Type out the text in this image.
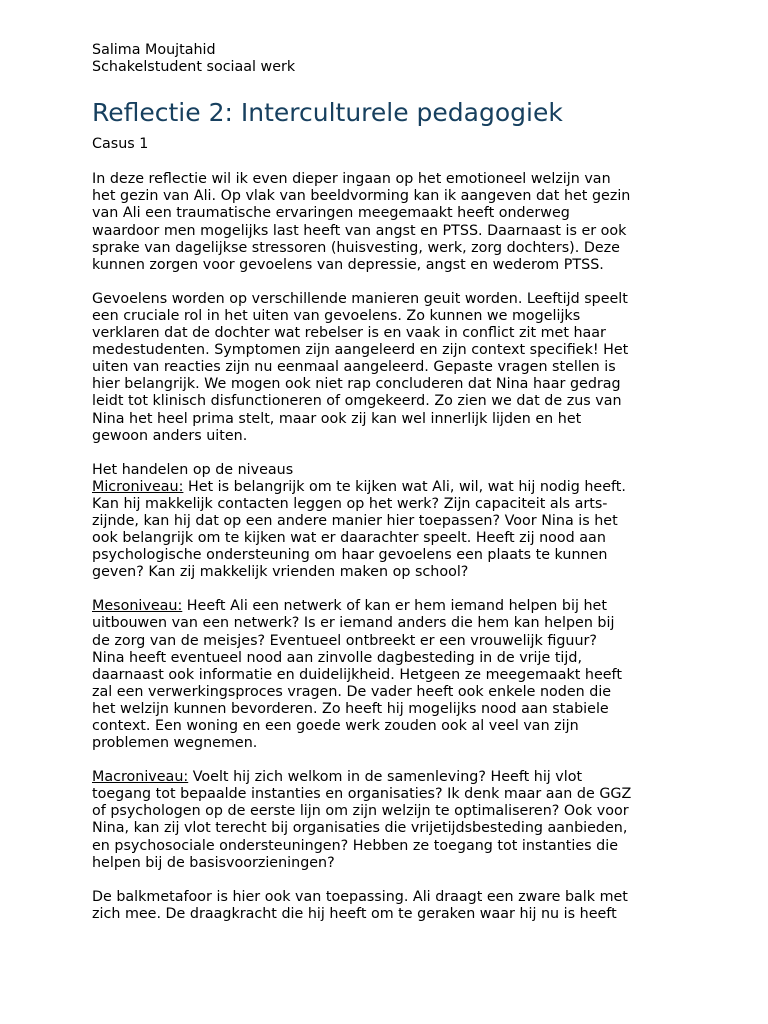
Salima Moujtahid
Schakelstudent sociaal werk
Reflectie 2: Interculturele pedagogiek
Casus 1
In deze reflectie wil ik even dieper ingaan op het emotioneel welzijn van
het gezin van Ali. Op vlak van beeldvorming kan ik aangeven dat het gezin
van Ali een traumatische ervaringen meegemaakt heeft onderweg
waardoor men mogelijks last heeft van angst en PTSS. Daarnaast is er ook
sprake van dagelijkse stressoren (huisvesting, werk, zorg dochters). Deze
kunnen zorgen voor gevoelens van depressie, angst en wederom PTSS.
Gevoelens worden op verschillende manieren geuit worden. Leeftijd speelt
een cruciale rol in het uiten van gevoelens. Zo kunnen we mogelijks
verklaren dat de dochter wat rebelser is en vaak in conflict zit met haar
medestudenten. Symptomen zijn aangeleerd en zijn context specifiek! Het
uiten van reacties zijn nu eenmaal aangeleerd. Gepaste vragen stellen is
hier belangrijk. We mogen ook niet rap concluderen dat Nina haar gedrag
leidt tot klinisch disfunctioneren of omgekeerd. Zo zien we dat de zus van
Nina het heel prima stelt, maar ook zij kan wel innerlijk lijden en het
gewoon anders uiten.
Het handelen op de niveaus
Microniveau: Het is belangrijk om te kijken wat Ali, wil, wat hij nodig heeft.
Kan hij makkelijk contacten leggen op het werk? Zijn capaciteit als arts-
zijnde, kan hij dat op een andere manier hier toepassen? Voor Nina is het
ook belangrijk om te kijken wat er daarachter speelt. Heeft zij nood aan
psychologische ondersteuning om haar gevoelens een plaats te kunnen
geven? Kan zij makkelijk vrienden maken op school?
Mesoniveau: Heeft Ali een netwerk of kan er hem iemand helpen bij het
uitbouwen van een netwerk? Is er iemand anders die hem kan helpen bij
de zorg van de meisjes? Eventueel ontbreekt er een vrouwelijk figuur?
Nina heeft eventueel nood aan zinvolle dagbesteding in de vrije tijd,
daarnaast ook informatie en duidelijkheid. Hetgeen ze meegemaakt heeft
zal een verwerkingsproces vragen. De vader heeft ook enkele noden die
het welzijn kunnen bevorderen. Zo heeft hij mogelijks nood aan stabiele
context. Een woning en een goede werk zouden ook al veel van zijn
problemen wegnemen.
Macroniveau: Voelt hij zich welkom in de samenleving? Heeft hij vlot
toegang tot bepaalde instanties en organisaties? Ik denk maar aan de GGZ
of psychologen op de eerste lijn om zijn welzijn te optimaliseren? Ook voor
Nina, kan zij vlot terecht bij organisaties die vrijetijdsbesteding aanbieden,
en psychosociale ondersteuningen? Hebben ze toegang tot instanties die
helpen bij de basisvoorzieningen?
De balkmetafoor is hier ook van toepassing. Ali draagt een zware balk met
zich mee. De draagkracht die hij heeft om te geraken waar hij nu is heeft
